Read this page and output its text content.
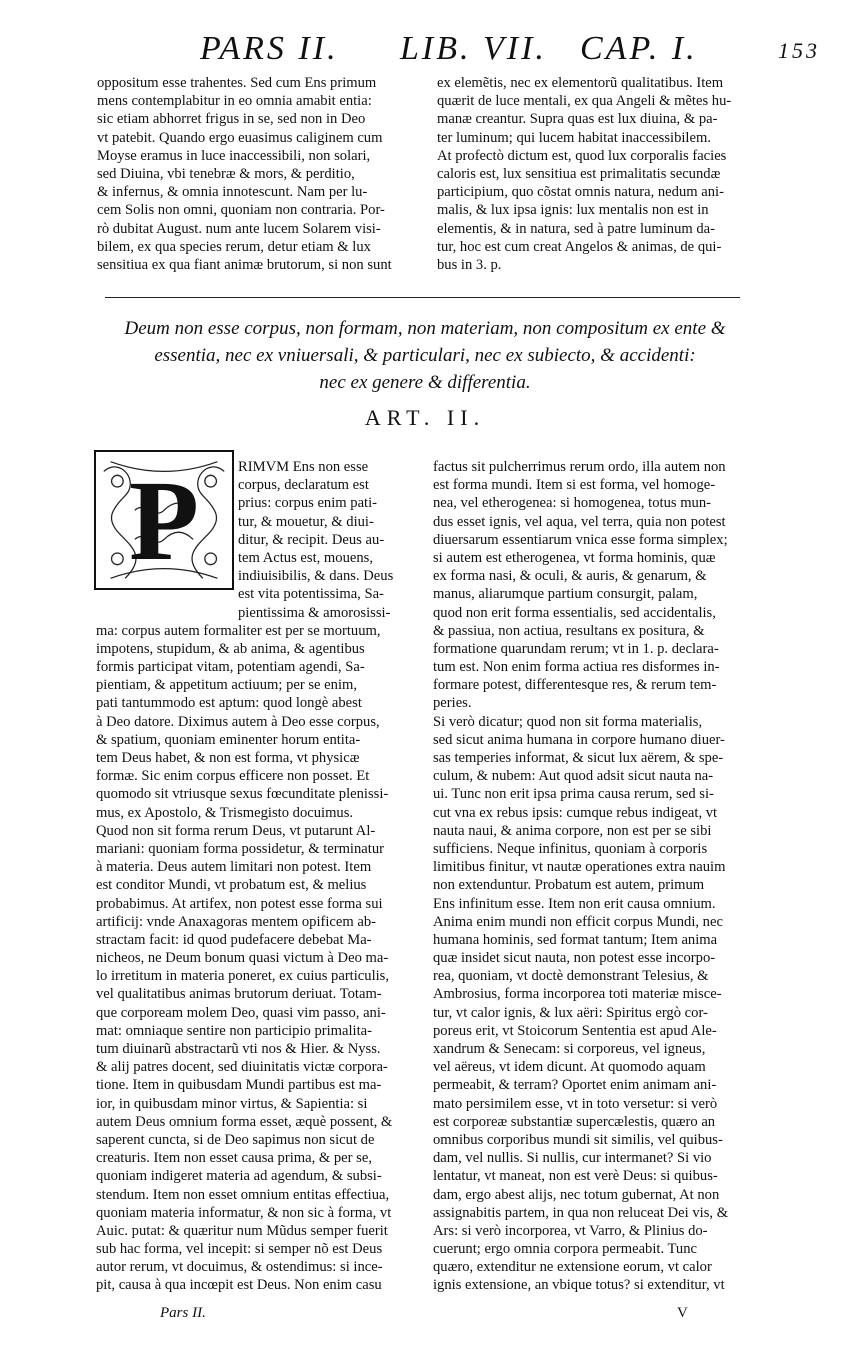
PARS II. LIB. VII. CAP. I.	153
oppositum esse trahentes. Sed cum Ens primum
mens contemplabitur in eo omnia amabit entia:
sic etiam abhorret frigus in se, sed non in Deo
vt patebit. Quando ergo euasimus caliginem cum
Moyse eramus in luce inaccessibili, non solari,
sed Diuina, vbi tenebræ & mors, & perditio,
& infernus, & omnia innotescunt. Nam per lu-
cem Solis non omni, quoniam non contraria. Por-
rò dubitat August. num ante lucem Solarem visi-
bilem, ex qua species rerum, detur etiam & lux
sensitiua ex qua fiant animæ brutorum, si non sunt
ex elemẽtis, nec ex elementorũ qualitatibus. Item
quærit de luce mentali, ex qua Angeli & mẽtes hu-
manæ creantur. Supra quas est lux diuina, & pa-
ter luminum; qui lucem habitat inaccessibilem.
At profectò dictum est, quod lux corporalis facies
caloris est, lux sensitiua est primalitatis secundæ
participium, quo cõstat omnis natura, nedum ani-
malis, & lux ipsa ignis: lux mentalis non est in
elementis, & in natura, sed à patre luminum da-
tur, hoc est cum creat Angelos & animas, de qui-
bus in 3. p.
Deum non esse corpus, non formam, non materiam, non compositum ex ente &
essentia, nec ex vniuersali, & particulari, nec ex subiecto, & accidenti:
nec ex genere & differentia.
ART. II.
P	RIMVM Ens non esse
corpus, declaratum est
prius: corpus enim pati-
tur, & mouetur, & diui-
ditur, & recipit. Deus au-
tem Actus est, mouens,
indiuisibilis, & dans. Deus
est vita potentissima, Sa-
pientissima & amorosissi-
ma: corpus autem formaliter est per se mortuum,
impotens, stupidum, & ab anima, & agentibus
formis participat vitam, potentiam agendi, Sa-
pientiam, & appetitum actiuum; per se enim,
pati tantummodo est aptum: quod longè abest
à Deo datore. Diximus autem à Deo esse corpus,
& spatium, quoniam eminenter horum entita-
tem Deus habet, & non est forma, vt physicæ
formæ. Sic enim corpus efficere non posset. Et
quomodo sit vtriusque sexus fœcunditate plenissi-
mus, ex Apostolo, & Trismegisto docuimus.
Quod non sit forma rerum Deus, vt putarunt Al-
mariani: quoniam forma possidetur, & terminatur
à materia. Deus autem limitari non potest. Item
est conditor Mundi, vt probatum est, & melius
probabimus. At artifex, non potest esse forma sui
artificij: vnde Anaxagoras mentem opificem ab-
stractam facit: id quod pudefacere debebat Ma-
nicheos, ne Deum bonum quasi victum à Deo ma-
lo irretitum in materia poneret, ex cuius particulis,
vel qualitatibus animas brutorum deriuat. Totam-
que corpoream molem Deo, quasi vim passo, ani-
mat: omniaque sentire non participio primalita-
tum diuinarũ abstractarũ vti nos & Hier. & Nyss.
& alij patres docent, sed diuinitatis victæ corpora-
tione. Item in quibusdam Mundi partibus est ma-
ior, in quibusdam minor virtus, & Sapientia: si
autem Deus omnium forma esset, æquè possent, &
saperent cuncta, si de Deo sapimus non sicut de
creaturis. Item non esset causa prima, & per se,
quoniam indigeret materia ad agendum, & subsi-
stendum. Item non esset omnium entitas effectiua,
quoniam materia informatur, & non sic à forma, vt
Auic. putat: & quæritur num Mũdus semper fuerit
sub hac forma, vel incepit: si semper nõ est Deus
autor rerum, vt docuimus, & ostendimus: si ince-
pit, causa à qua incœpit est Deus. Non enim casu
factus sit pulcherrimus rerum ordo, illa autem non
est forma mundi. Item si est forma, vel homoge-
nea, vel etherogenea: si homogenea, totus mun-
dus esset ignis, vel aqua, vel terra, quia non potest
diuersarum essentiarum vnica esse forma simplex;
si autem est etherogenea, vt forma hominis, quæ
ex forma nasi, & oculi, & auris, & genarum, &
manus, aliarumque partium consurgit, palam,
quod non erit forma essentialis, sed accidentalis,
& passiua, non actiua, resultans ex positura, &
formatione quarundam rerum; vt in 1. p. declara-
tum est. Non enim forma actiua res disformes in-
formare potest, differentesque res, & rerum tem-
peries.
Si verò dicatur; quod non sit forma materialis,
sed sicut anima humana in corpore humano diuer-
sas temperies informat, & sicut lux aërem, & spe-
culum, & nubem: Aut quod adsit sicut nauta na-
ui. Tunc non erit ipsa prima causa rerum, sed si-
cut vna ex rebus ipsis: cumque rebus indigeat, vt
nauta naui, & anima corpore, non est per se sibi
sufficiens. Neque infinitus, quoniam à corporis
limitibus finitur, vt nautæ operationes extra nauim
non extenduntur. Probatum est autem, primum
Ens infinitum esse. Item non erit causa omnium.
Anima enim mundi non efficit corpus Mundi, nec
humana hominis, sed format tantum; Item anima
quæ insidet sicut nauta, non potest esse incorpo-
rea, quoniam, vt doctè demonstrant Telesius, &
Ambrosius, forma incorporea toti materiæ misce-
tur, vt calor ignis, & lux aëri: Spiritus ergò cor-
poreus erit, vt Stoicorum Sententia est apud Ale-
xandrum & Senecam: si corporeus, vel igneus,
vel aëreus, vt idem dicunt. At quomodo aquam
permeabit, & terram? Oportet enim animam ani-
mato persimilem esse, vt in toto versetur: si verò
est corporeæ substantiæ supercælestis, quæro an
omnibus corporibus mundi sit similis, vel quibus-
dam, vel nullis. Si nullis, cur intermanet? Si vio
lentatur, vt maneat, non est verè Deus: si quibus-
dam, ergo abest alijs, nec totum gubernat, At non
assignabitis partem, in qua non reluceat Dei vis, &
Ars: si verò incorporea, vt Varro, & Plinius do-
cuerunt; ergo omnia corpora permeabit. Tunc
quæro, extenditur ne extensione eorum, vt calor
ignis extensione, an vbique totus? si extenditur, vt
Pars II.	V
